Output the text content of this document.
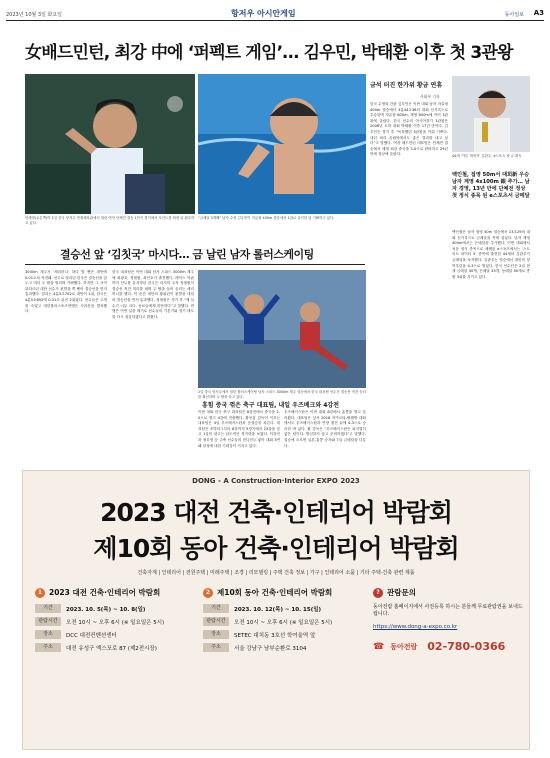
2023년 10월 3일 화요일	항저우 아시안게임	동아일보 A3
女배드민턴, 최강 中에 ‘퍼펙트 게임’… 김우민, 박태환 이후 첫 3관왕
안세영(오른쪽)이 1일 중국 항저우 빈장체육관에서 열린 여자 단체전 결승 1단식 경기에서 포인트를 따낸 뒤 환호하고 있다.
“금메달 3개째” 남자 수영 김우민이 자유형 400m 결승에서 1위로 골인한 뒤 기뻐하고 있다.
금석 터진 한가위 황금 연휴
사회부 기자
한국 수영의 간판 김우민은 이번 대회 남자 자유형 400m 결승에서 3분44초36의 대회 신기록으로 우승하며 자유형 800m, 계영 800m에 이어 3관왕에 올랐다. 한국 선수의 아시아경기 3관왕은 2006년 도하 대회 박태환 이후 17년 만이다. 김우민은 경기 후 “목표했던 3관왕을 이뤄 기쁘다. 내년 파리 올림픽에서도 좋은 결과를 내고 싶다”고 말했다. 여자 배드민턴 대표팀은 단체전 결승에서 세계 최강 중국을 3-0으로 완파하고 29년 만에 정상에 올랐다.	44세 ‘카투 개척자’ 김관우, e스포츠 첫 금 획득
백인철, 접영 50m서 대회新 우승 남자 계영 4x100m 銀 추가… 남자 경영, 13년 만에 단체전 정상 첫 정식 종목 된 e스포츠서 금메달
백인철은 남자 접영 50m 결승에서 23초29의 대회 신기록으로 금메달을 목에 걸었다. 남자 계영 400m에서는 은메달을 추가했다. 이번 대회에서 처음 정식 종목으로 채택된 e스포츠에서는 ‘스트리트 파이터 5’ 종목에 출전한 44세의 김관우가 금메달을 차지했다. 김관우는 결승에서 대만의 샹여우린을 4-3으로 꺾었다. 한국 선수단은 2일 현재 금메달 30개, 은메달 35개, 동메달 50개로 종합 3위를 지키고 있다.
결승선 앞 ‘김칫국’ 마시다… 금 날린 남자 롤러스케이팅
3000m 계주서 ‘세리머니’ 하다 발 뻗은 대만에 0.01초차 역전패. 선두로 달리던 한국은 결승선을 앞두고 미리 두 팔을 벌리며 기뻐했다. 하지만 그 사이 뒤따르던 대만 선수가 왼발을 쭉 뻗어 결승선을 먼저 통과했다. 결과는 4분5초702로 대만이 1위, 한국은 4분5초692에 0.01초 뒤진 2위였다. 선수들은 고개를 숙였고 대한롤러스포츠연맹은 사과문을 발표했다.
한국 대표팀은 이번 대회 남자 스피드 3000m 계주에 최광호, 정철원, 최인호가 출전했다. 레이스 막판까지 선두를 유지하던 한국은 마지막 주자 정철원이 결승선 직전 허리를 펴며 두 팔을 들어 올리는 세리머니를 했다. 이 순간 대만의 황위린이 왼발을 내밀어 결승선을 먼저 통과했다. 정철원은 경기 후 “제 실수가 너무 크다. 동료들에게 미안하다”고 말했다. 연맹은 이번 일을 계기로 선수들의 기본기와 경기 태도를 다시 점검하겠다고 밝혔다.
2일 중국 항저우에서 열린 롤러스케이팅 남자 스피드 3000m 계주 결승에서 한국 대표팀 선수가 결승선 직전 승리를 확신하며 두 팔을 들고 있다.
흥힘 증국 꺾은 축구 대표팀, 내일 우즈베크와 4강전
이번 대회 한국 축구 대표팀은 8강전에서 중국을 2-0으로 꺾고 4강에 진출했다. 황선홍 감독이 이끄는 대표팀은 4일 우즈베키스탄과 준결승을 치른다. 대표팀은 조별리그부터 8강까지 5경기에서 23골을 넣고 1골만 내주는 압도적인 경기력을 보였다. 이강인과 정우영 등 주축 선수들의 컨디션도 좋아 대회 3연패 달성에 대한 기대감이 커지고 있다.
우즈베키스탄은 이번 대회 8강에서 홍콩을 꺾고 올라왔다. 대표팀은 앞서 2018 자카르타-팔렘방 대회에서도 우즈베키스탄과 연장 접전 끝에 4-3으로 승리한 바 있다. 황 감독은 “우즈베키스탄은 피지컬이 좋은 팀이다. 방심하지 않고 준비하겠다”고 말했다. 결승에 오르면 일본-홍콩 승자와 7일 금메달을 다툰다.
DONG - A Construction·Interior EXPO 2023
2023 대전 건축·인테리어 박람회
제10회 동아 건축·인테리어 박람회
건축자재 | 인테리어 | 전원주택 | 미래주택 | 조경 | 리모델링 | 주택 건축 정보 | 가구 | 인테리어 소품 | 기타 주택·건축 관련 제품
1 2023 대전 건축·인테리어 박람회
기간	2023. 10. 5(목) ~ 10. 8(일)
관람시간	오전 10시 ~ 오후 6시 (※ 일요일은 5시)
장소	DCC 대전컨벤션센터
주소	대전 유성구 엑스포로 87 (제2전시장)
2 제10회 동아 건축·인테리어 박람회
기간	2023. 10. 12(목) ~ 10. 15(일)
관람시간	오전 10시 ~ 오후 6시 (※ 일요일은 5시)
장소	SETEC 대치동 3호선 학여울역 앞
주소	서울 강남구 남부순환로 3104
? 관람문의
동아전람 홈페이지에서 사전등록 하시는 분들께 무료관람권을 보내드립니다.
https://www.dong-a-expo.co.kr
☎ 동아전람 02-780-0366
